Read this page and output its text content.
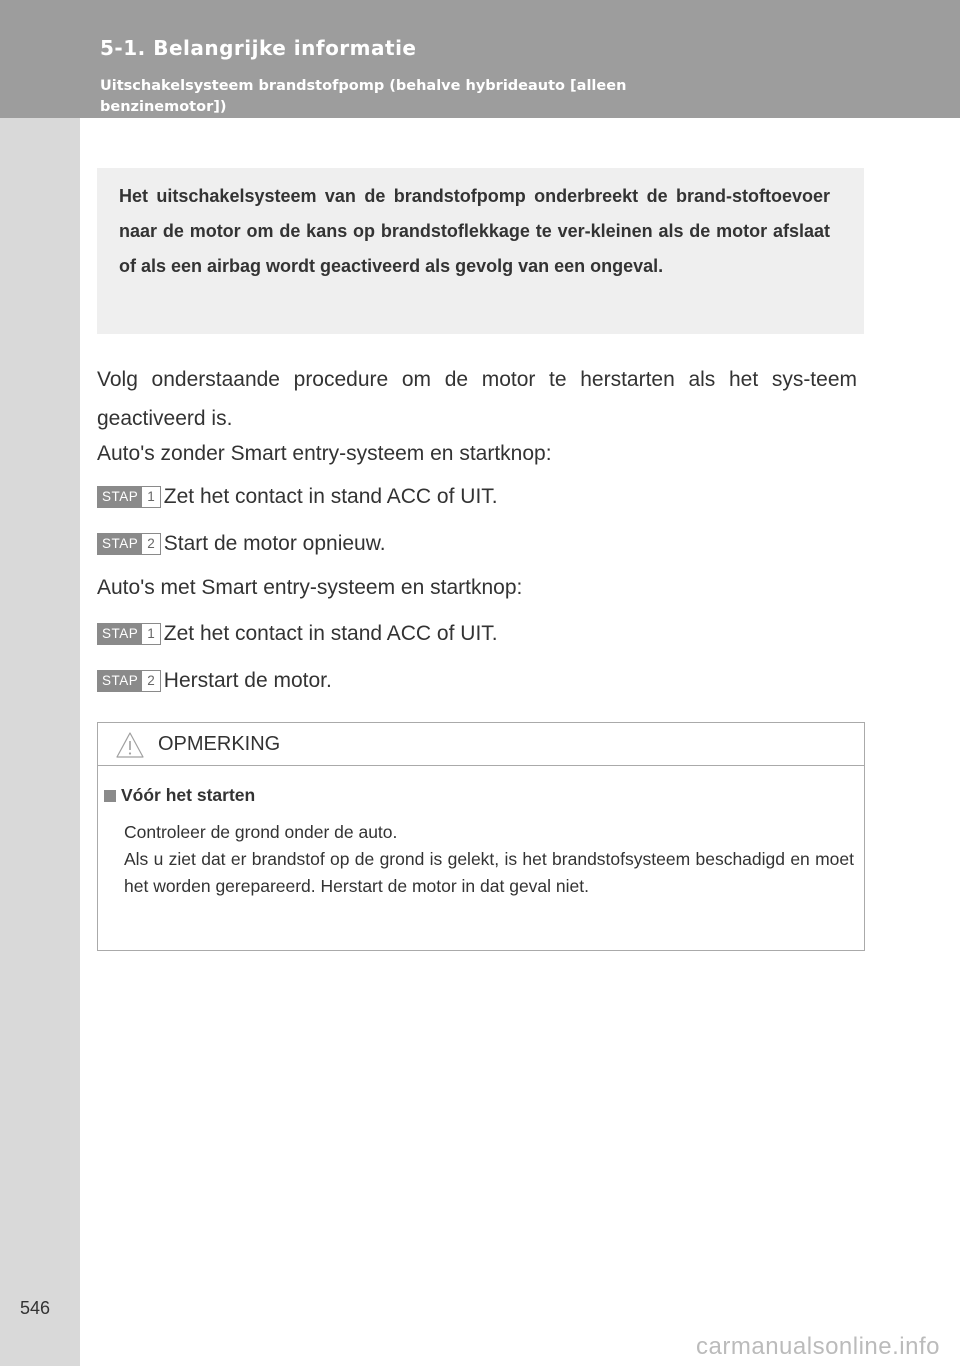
5-1. Belangrijke informatie
Uitschakelsysteem brandstofpomp (behalve hybrideauto [alleen benzinemotor])

Het uitschakelsysteem van de brandstofpomp onderbreekt de brand-stoftoevoer naar de motor om de kans op brandstoflekkage te ver-kleinen als de motor afslaat of als een airbag wordt geactiveerd als gevolg van een ongeval.

Volg onderstaande procedure om de motor te herstarten als het sys-teem geactiveerd is.

Auto's zonder Smart entry-systeem en startknop:
STAP 1 Zet het contact in stand ACC of UIT.
STAP 2 Start de motor opnieuw.
Auto's met Smart entry-systeem en startknop:
STAP 1 Zet het contact in stand ACC of UIT.
STAP 2 Herstart de motor.
OPMERKING
Vóór het starten

Controleer de grond onder de auto.
Als u ziet dat er brandstof op de grond is gelekt, is het brandstofsysteem beschadigd en moet het worden gerepareerd. Herstart de motor in dat geval niet.

546
carmanualsonline.info
